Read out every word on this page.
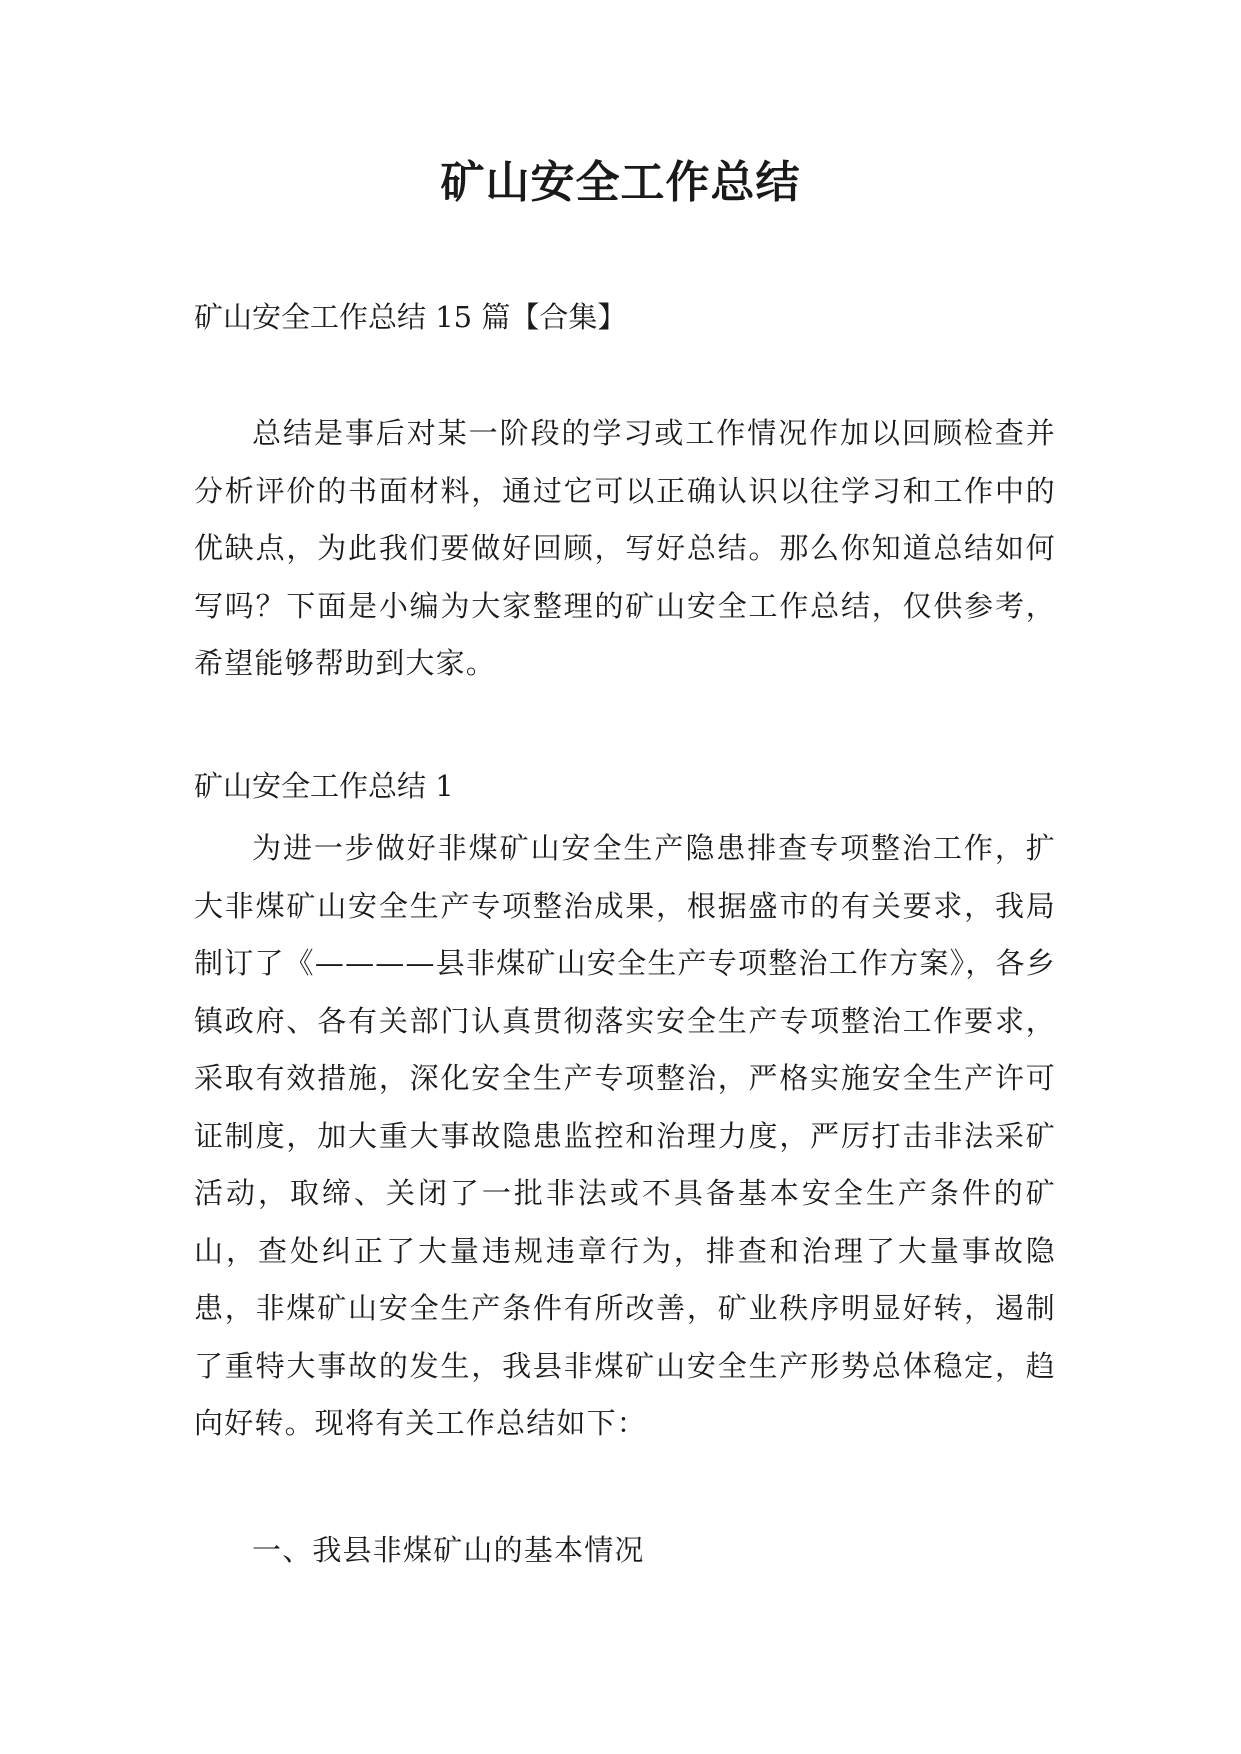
矿山安全工作总结
矿山安全工作总结 15 篇【合集】

总结是事后对某一阶段的学习或工作情况作加以回顾检查并分析评价的书面材料，通过它可以正确认识以往学习和工作中的优缺点，为此我们要做好回顾，写好总结。那么你知道总结如何写吗？下面是小编为大家整理的矿山安全工作总结，仅供参考，希望能够帮助到大家。

矿山安全工作总结 1

为进一步做好非煤矿山安全生产隐患排查专项整治工作，扩大非煤矿山安全生产专项整治成果，根据盛市的有关要求，我局制订了《————县非煤矿山安全生产专项整治工作方案》，各乡镇政府、各有关部门认真贯彻落实安全生产专项整治工作要求，采取有效措施，深化安全生产专项整治，严格实施安全生产许可证制度，加大重大事故隐患监控和治理力度，严厉打击非法采矿活动，取缔、关闭了一批非法或不具备基本安全生产条件的矿山，查处纠正了大量违规违章行为，排查和治理了大量事故隐患，非煤矿山安全生产条件有所改善，矿业秩序明显好转，遏制了重特大事故的发生，我县非煤矿山安全生产形势总体稳定，趋向好转。现将有关工作总结如下：

一、我县非煤矿山的基本情况
